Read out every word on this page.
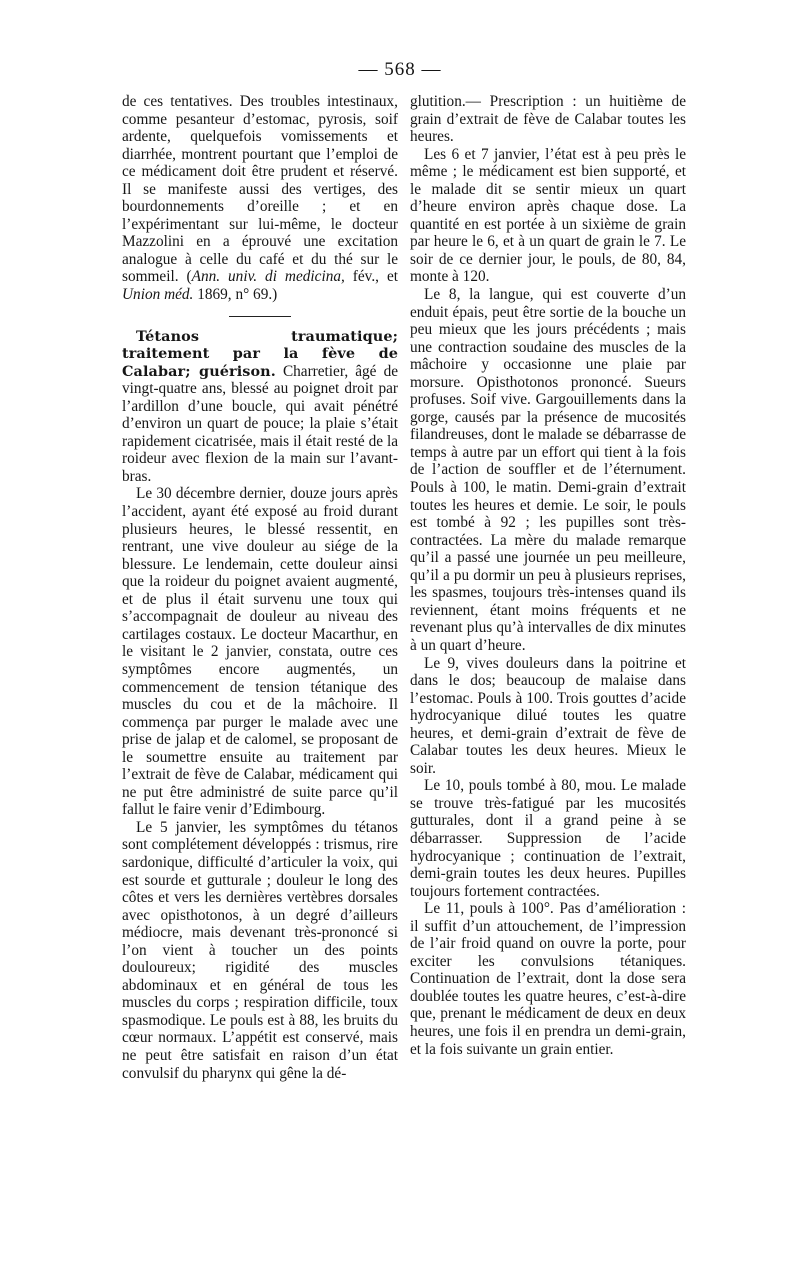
— 568 —

de ces tentatives. Des troubles intestinaux, comme pesanteur d’estomac, pyrosis, soif ardente, quelquefois vomissements et diarrhée, montrent pourtant que l’emploi de ce médicament doit être prudent et réservé. Il se manifeste aussi des vertiges, des bourdonnements d’oreille ; et en l’expérimentant sur lui-même, le docteur Mazzolini en a éprouvé une excitation analogue à celle du café et du thé sur le sommeil. (Ann. univ. di medicina, fév., et Union méd. 1869, n° 69.)

Tétanos traumatique; traitement par la fève de Calabar; guérison. Charretier, âgé de vingt-quatre ans, blessé au poignet droit par l’ardillon d’une boucle, qui avait pénétré d’environ un quart de pouce; la plaie s’était rapidement cicatrisée, mais il était resté de la roideur avec flexion de la main sur l’avant-bras.

Le 30 décembre dernier, douze jours après l’accident, ayant été exposé au froid durant plusieurs heures, le blessé ressentit, en rentrant, une vive douleur au siége de la blessure. Le lendemain, cette douleur ainsi que la roideur du poignet avaient augmenté, et de plus il était survenu une toux qui s’accompagnait de douleur au niveau des cartilages costaux. Le docteur Macarthur, en le visitant le 2 janvier, constata, outre ces symptômes encore augmentés, un commencement de tension tétanique des muscles du cou et de la mâchoire. Il commença par purger le malade avec une prise de jalap et de calomel, se proposant de le soumettre ensuite au traitement par l’extrait de fève de Calabar, médicament qui ne put être administré de suite parce qu’il fallut le faire venir d’Edimbourg.

Le 5 janvier, les symptômes du tétanos sont complétement développés : trismus, rire sardonique, difficulté d’articuler la voix, qui est sourde et gutturale ; douleur le long des côtes et vers les dernières vertèbres dorsales avec opisthotonos, à un degré d’ailleurs médiocre, mais devenant très-prononcé si l’on vient à toucher un des points douloureux; rigidité des muscles abdominaux et en général de tous les muscles du corps ; respiration difficile, toux spasmodique. Le pouls est à 88, les bruits du cœur normaux. L’appétit est conservé, mais ne peut être satisfait en raison d’un état convulsif du pharynx qui gêne la dé-

glutition.— Prescription : un huitième de grain d’extrait de fève de Calabar toutes les heures.

Les 6 et 7 janvier, l’état est à peu près le même ; le médicament est bien supporté, et le malade dit se sentir mieux un quart d’heure environ après chaque dose. La quantité en est portée à un sixième de grain par heure le 6, et à un quart de grain le 7. Le soir de ce dernier jour, le pouls, de 80, 84, monte à 120.

Le 8, la langue, qui est couverte d’un enduit épais, peut être sortie de la bouche un peu mieux que les jours précédents ; mais une contraction soudaine des muscles de la mâchoire y occasionne une plaie par morsure. Opisthotonos prononcé. Sueurs profuses. Soif vive. Gargouillements dans la gorge, causés par la présence de mucosités filandreuses, dont le malade se débarrasse de temps à autre par un effort qui tient à la fois de l’action de souffler et de l’éternument. Pouls à 100, le matin. Demi-grain d’extrait toutes les heures et demie. Le soir, le pouls est tombé à 92 ; les pupilles sont très-contractées. La mère du malade remarque qu’il a passé une journée un peu meilleure, qu’il a pu dormir un peu à plusieurs reprises, les spasmes, toujours très-intenses quand ils reviennent, étant moins fréquents et ne revenant plus qu’à intervalles de dix minutes à un quart d’heure.

Le 9, vives douleurs dans la poitrine et dans le dos; beaucoup de malaise dans l’estomac. Pouls à 100. Trois gouttes d’acide hydrocyanique dilué toutes les quatre heures, et demi-grain d’extrait de fève de Calabar toutes les deux heures. Mieux le soir.

Le 10, pouls tombé à 80, mou. Le malade se trouve très-fatigué par les mucosités gutturales, dont il a grand peine à se débarrasser. Suppression de l’acide hydrocyanique ; continuation de l’extrait, demi-grain toutes les deux heures. Pupilles toujours fortement contractées.

Le 11, pouls à 100°. Pas d’amélioration : il suffit d’un attouchement, de l’impression de l’air froid quand on ouvre la porte, pour exciter les convulsions tétaniques. Continuation de l’extrait, dont la dose sera doublée toutes les quatre heures, c’est-à-dire que, prenant le médicament de deux en deux heures, une fois il en prendra un demi-grain, et la fois suivante un grain entier.
